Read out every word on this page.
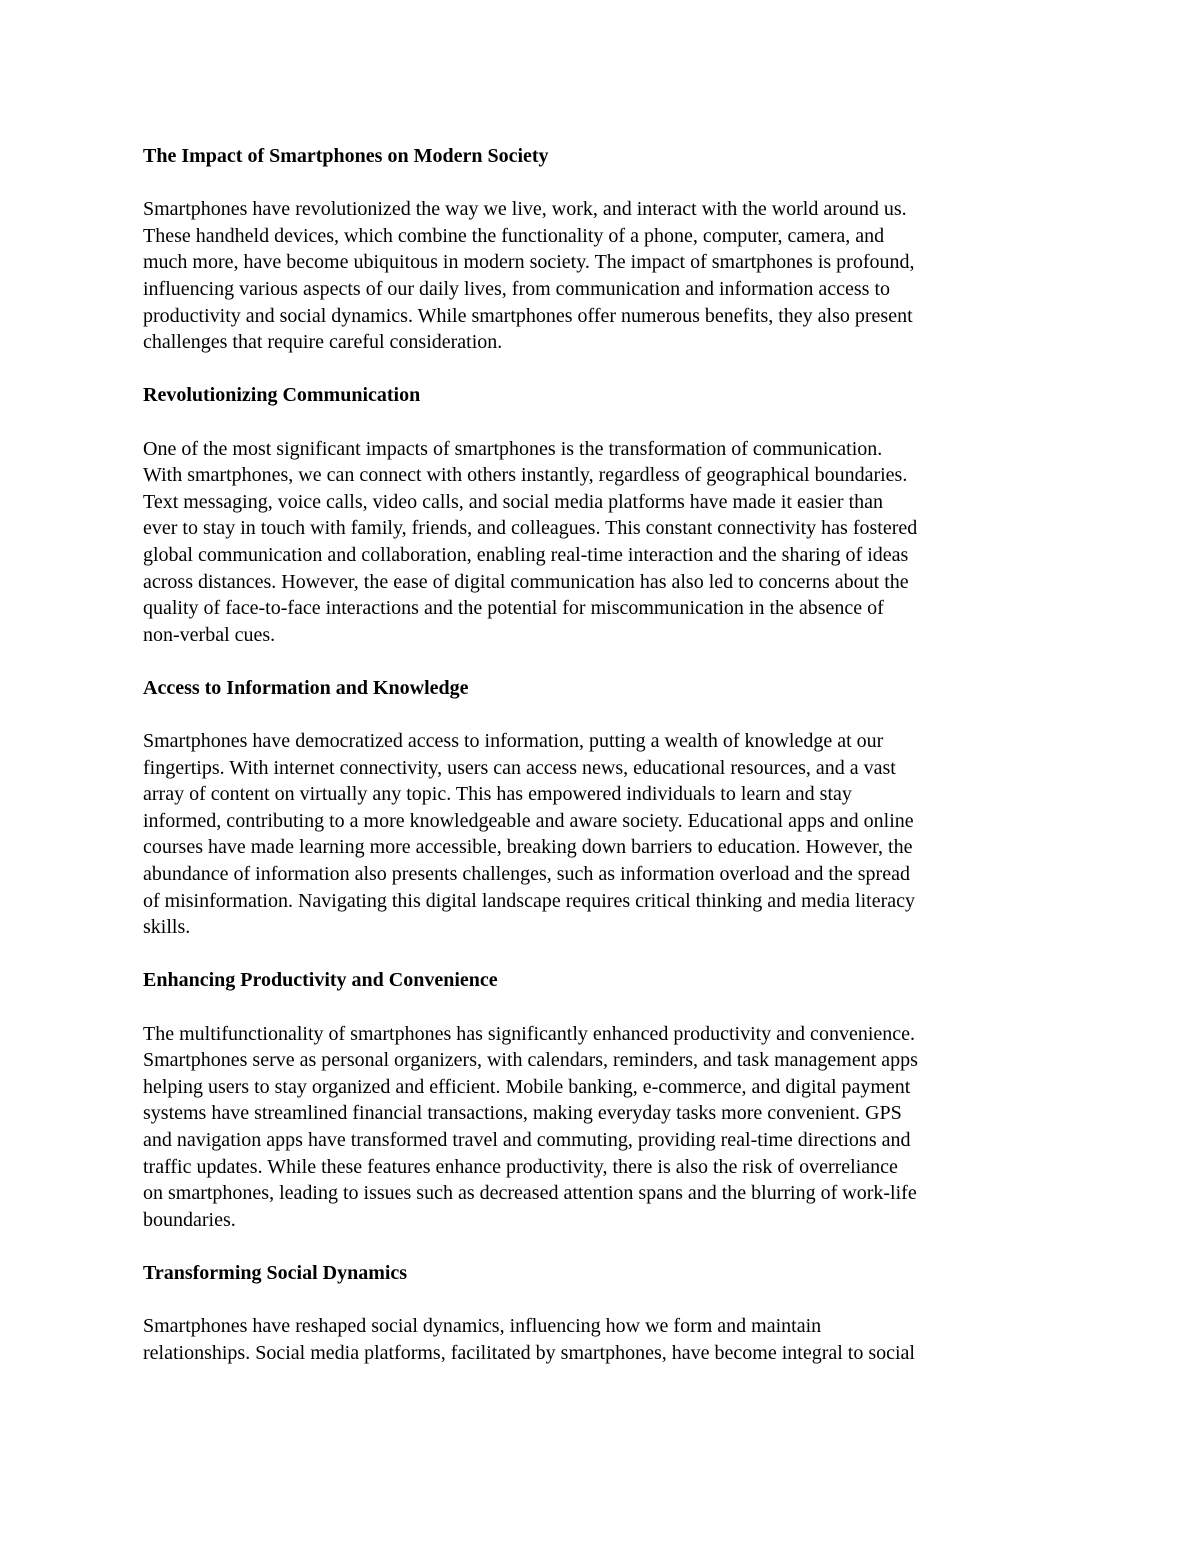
The Impact of Smartphones on Modern Society

Smartphones have revolutionized the way we live, work, and interact with the world around us.
These handheld devices, which combine the functionality of a phone, computer, camera, and
much more, have become ubiquitous in modern society. The impact of smartphones is profound,
influencing various aspects of our daily lives, from communication and information access to
productivity and social dynamics. While smartphones offer numerous benefits, they also present
challenges that require careful consideration.

Revolutionizing Communication

One of the most significant impacts of smartphones is the transformation of communication.
With smartphones, we can connect with others instantly, regardless of geographical boundaries.
Text messaging, voice calls, video calls, and social media platforms have made it easier than
ever to stay in touch with family, friends, and colleagues. This constant connectivity has fostered
global communication and collaboration, enabling real-time interaction and the sharing of ideas
across distances. However, the ease of digital communication has also led to concerns about the
quality of face-to-face interactions and the potential for miscommunication in the absence of
non-verbal cues.

Access to Information and Knowledge

Smartphones have democratized access to information, putting a wealth of knowledge at our
fingertips. With internet connectivity, users can access news, educational resources, and a vast
array of content on virtually any topic. This has empowered individuals to learn and stay
informed, contributing to a more knowledgeable and aware society. Educational apps and online
courses have made learning more accessible, breaking down barriers to education. However, the
abundance of information also presents challenges, such as information overload and the spread
of misinformation. Navigating this digital landscape requires critical thinking and media literacy
skills.

Enhancing Productivity and Convenience

The multifunctionality of smartphones has significantly enhanced productivity and convenience.
Smartphones serve as personal organizers, with calendars, reminders, and task management apps
helping users to stay organized and efficient. Mobile banking, e-commerce, and digital payment
systems have streamlined financial transactions, making everyday tasks more convenient. GPS
and navigation apps have transformed travel and commuting, providing real-time directions and
traffic updates. While these features enhance productivity, there is also the risk of overreliance
on smartphones, leading to issues such as decreased attention spans and the blurring of work-life
boundaries.

Transforming Social Dynamics

Smartphones have reshaped social dynamics, influencing how we form and maintain
relationships. Social media platforms, facilitated by smartphones, have become integral to social
